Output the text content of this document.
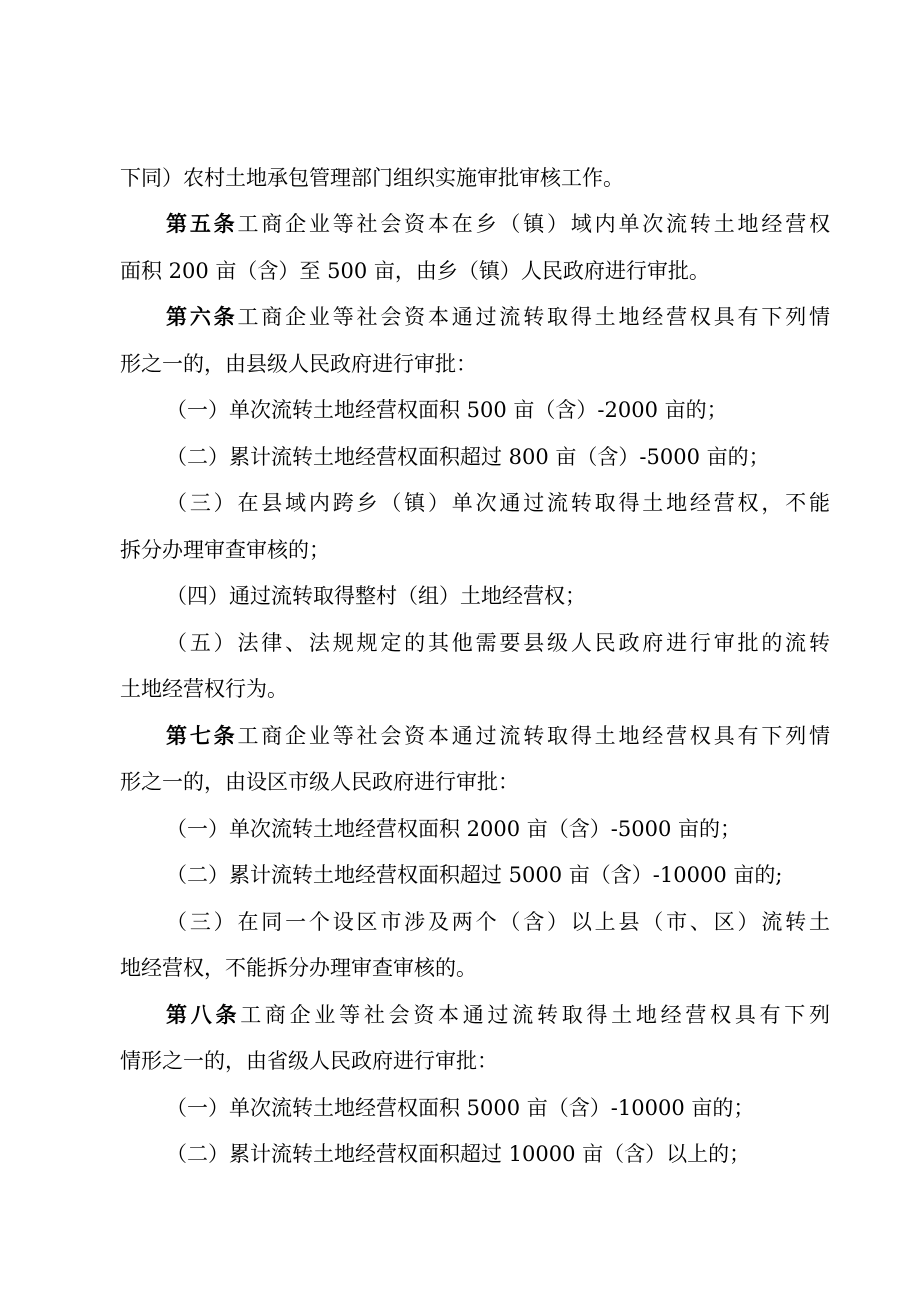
下同）农村土地承包管理部门组织实施审批审核工作。
第五条工商企业等社会资本在乡（镇）域内单次流转土地经营权
面积 200 亩（含）至 500 亩，由乡（镇）人民政府进行审批。
第六条工商企业等社会资本通过流转取得土地经营权具有下列情
形之一的，由县级人民政府进行审批：
（一）单次流转土地经营权面积 500 亩（含）-2000 亩的；
（二）累计流转土地经营权面积超过 800 亩（含）-5000 亩的；
（三）在县域内跨乡（镇）单次通过流转取得土地经营权，不能
拆分办理审查审核的；
（四）通过流转取得整村（组）土地经营权；
（五）法律、法规规定的其他需要县级人民政府进行审批的流转
土地经营权行为。
第七条工商企业等社会资本通过流转取得土地经营权具有下列情
形之一的，由设区市级人民政府进行审批：
（一）单次流转土地经营权面积 2000 亩（含）-5000 亩的；
（二）累计流转土地经营权面积超过 5000 亩（含）-10000 亩的;
（三）在同一个设区市涉及两个（含）以上县（市、区）流转土
地经营权，不能拆分办理审查审核的。
第八条工商企业等社会资本通过流转取得土地经营权具有下列
情形之一的，由省级人民政府进行审批：
（一）单次流转土地经营权面积 5000 亩（含）-10000 亩的；
（二）累计流转土地经营权面积超过 10000 亩（含）以上的；
